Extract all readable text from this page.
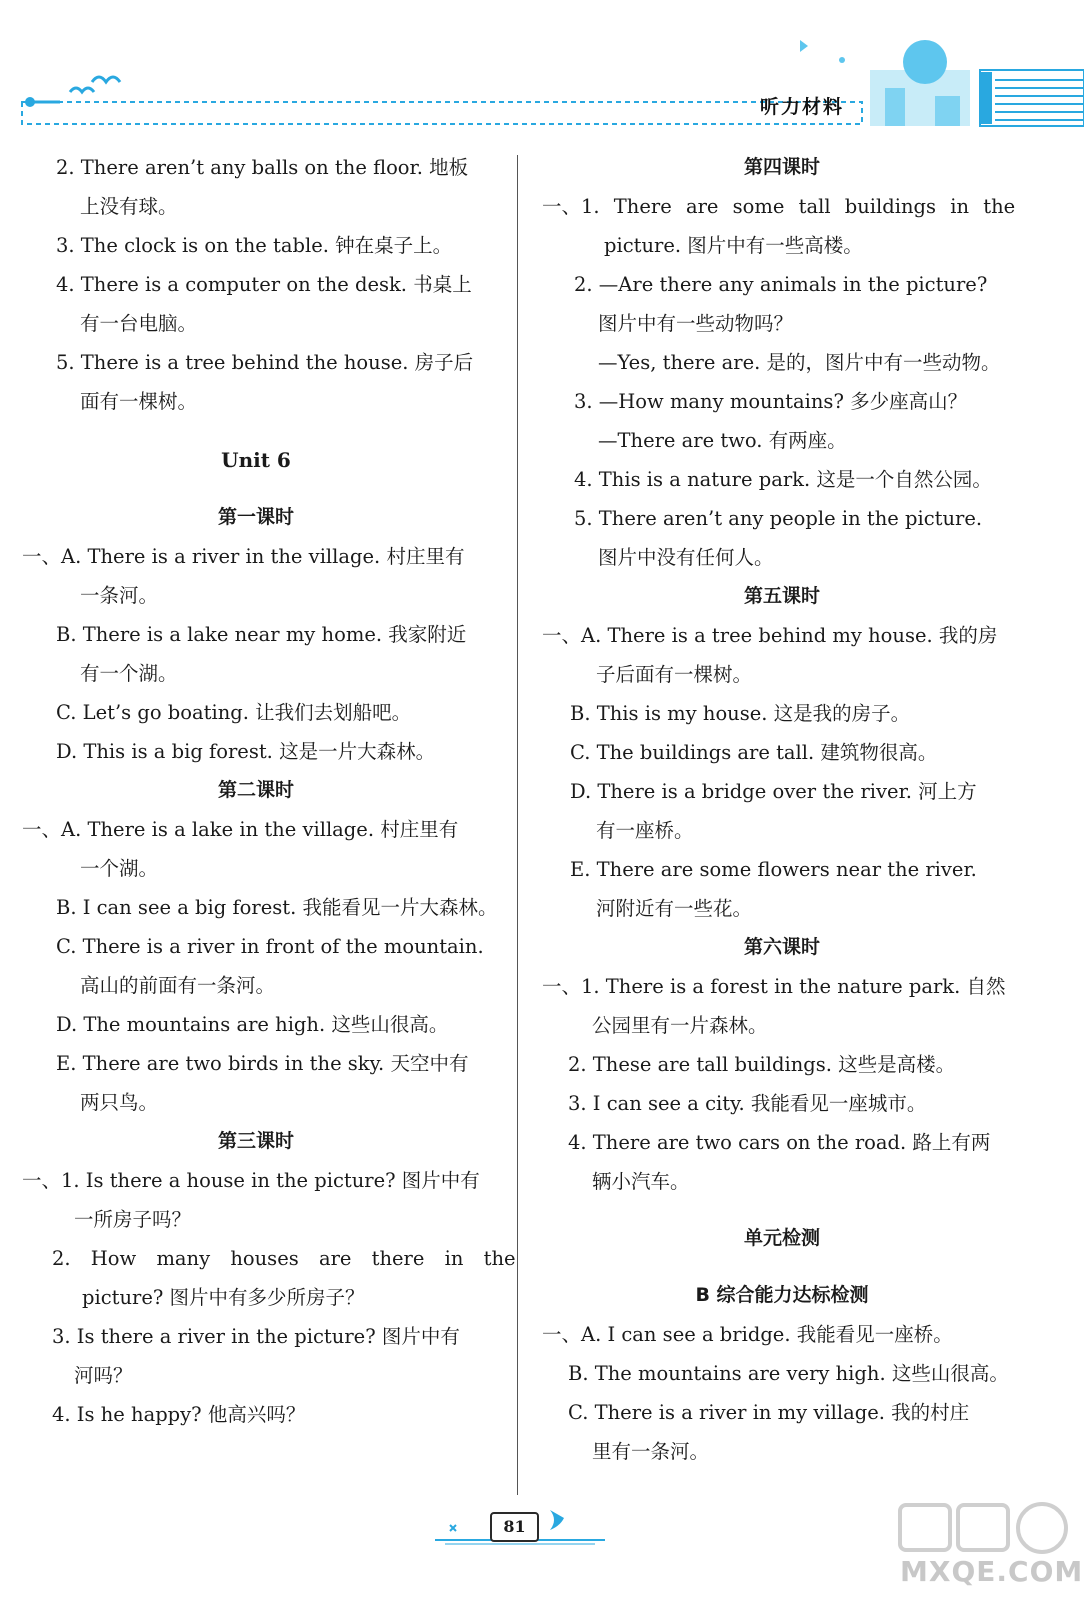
听力材料
2. There aren’t any balls on the floor. 地板
上没有球。
3. The clock is on the table. 钟在桌子上。
4. There is a computer on the desk. 书桌上
有一台电脑。
5. There is a tree behind the house. 房子后
面有一棵树。
Unit 6
第一课时
一、A. There is a river in the village. 村庄里有
一条河。
B. There is a lake near my home. 我家附近
有一个湖。
C. Let’s go boating. 让我们去划船吧。
D. This is a big forest. 这是一片大森林。
第二课时
一、A. There is a lake in the village. 村庄里有
一个湖。
B. I can see a big forest. 我能看见一片大森林。
C. There is a river in front of the mountain.
高山的前面有一条河。
D. The mountains are high. 这些山很高。
E. There are two birds in the sky. 天空中有
两只鸟。
第三课时
一、1. Is there a house in the picture? 图片中有
一所房子吗？
2. How many houses are there in the
picture? 图片中有多少所房子？
3. Is there a river in the picture? 图片中有
河吗？
4. Is he happy? 他高兴吗？
第四课时
一、1. There are some tall buildings in the
picture. 图片中有一些高楼。
2. —Are there any animals in the picture?
图片中有一些动物吗？
—Yes, there are. 是的，图片中有一些动物。
3. —How many mountains? 多少座高山？
—There are two. 有两座。
4. This is a nature park. 这是一个自然公园。
5. There aren’t any people in the picture.
图片中没有任何人。
第五课时
一、A. There is a tree behind my house. 我的房
子后面有一棵树。
B. This is my house. 这是我的房子。
C. The buildings are tall. 建筑物很高。
D. There is a bridge over the river. 河上方
有一座桥。
E. There are some flowers near the river.
河附近有一些花。
第六课时
一、1. There is a forest in the nature park. 自然
公园里有一片森林。
2. These are tall buildings. 这些是高楼。
3. I can see a city. 我能看见一座城市。
4. There are two cars on the road. 路上有两
辆小汽车。
单元检测
B 综合能力达标检测
一、A. I can see a bridge. 我能看见一座桥。
B. The mountains are very high. 这些山很高。
C. There is a river in my village. 我的村庄
里有一条河。
81
MXQE.COM
